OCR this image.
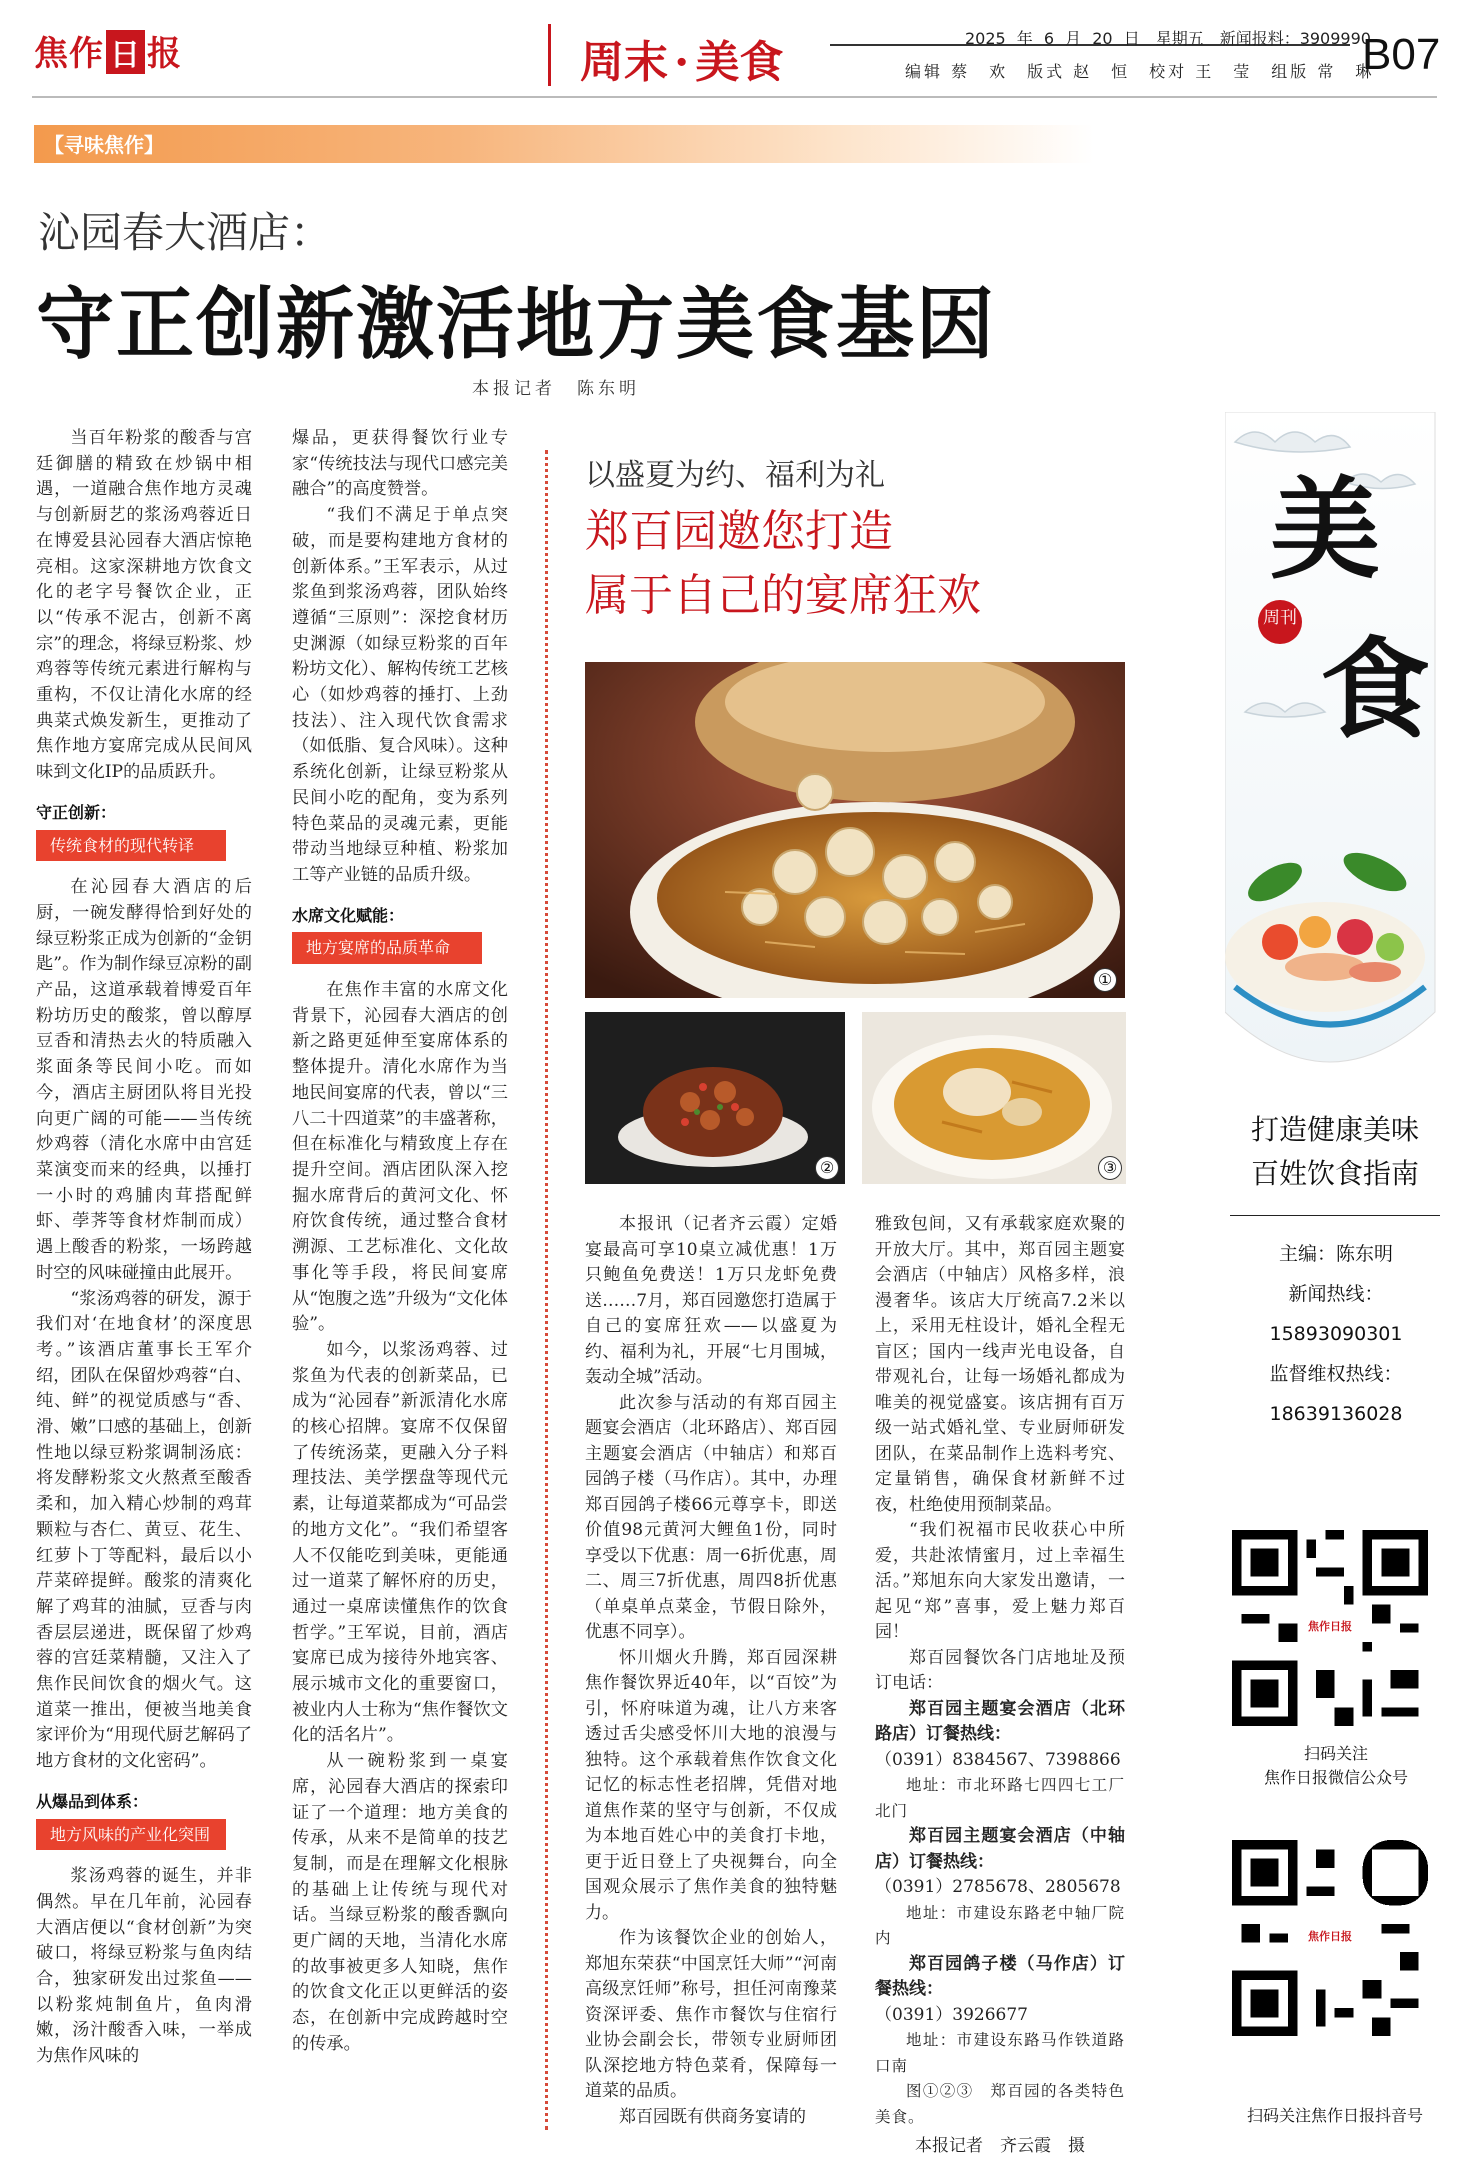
焦作 日 报	周末 · 美食	2025 年 6 月 20 日　星期五　新闻报料：3909990
编辑 蔡　欢　版式 赵　恒　校对 王　莹　组版 常　琳
B07
【寻味焦作】
沁园春大酒店：
守正创新激活地方美食基因
本报记者　陈东明

当百年粉浆的酸香与宫廷御膳的精致在炒锅中相遇，一道融合焦作地方灵魂与创新厨艺的浆汤鸡蓉近日在博爱县沁园春大酒店惊艳亮相。这家深耕地方饮食文化的老字号餐饮企业，正以“传承不泥古，创新不离宗”的理念，将绿豆粉浆、炒鸡蓉等传统元素进行解构与重构，不仅让清化水席的经典菜式焕发新生，更推动了焦作地方宴席完成从民间风味到文化IP的品质跃升。

守正创新：
传统食材的现代转译

在沁园春大酒店的后厨，一碗发酵得恰到好处的绿豆粉浆正成为创新的“金钥匙”。作为制作绿豆凉粉的副产品，这道承载着博爱百年粉坊历史的酸浆，曾以醇厚豆香和清热去火的特质融入浆面条等民间小吃。而如今，酒店主厨团队将目光投向更广阔的可能——当传统炒鸡蓉（清化水席中由宫廷菜演变而来的经典，以捶打一小时的鸡脯肉茸搭配鲜虾、荸荠等食材炸制而成）遇上酸香的粉浆，一场跨越时空的风味碰撞由此展开。

“浆汤鸡蓉的研发，源于我们对‘在地食材’的深度思考。”该酒店董事长王军介绍，团队在保留炒鸡蓉“白、纯、鲜”的视觉质感与“香、滑、嫩”口感的基础上，创新性地以绿豆粉浆调制汤底：将发酵粉浆文火熬煮至酸香柔和，加入精心炒制的鸡茸颗粒与杏仁、黄豆、花生、红萝卜丁等配料，最后以小芹菜碎提鲜。酸浆的清爽化解了鸡茸的油腻，豆香与肉香层层递进，既保留了炒鸡蓉的宫廷菜精髓，又注入了焦作民间饮食的烟火气。这道菜一推出，便被当地美食家评价为“用现代厨艺解码了地方食材的文化密码”。

从爆品到体系：
地方风味的产业化突围

浆汤鸡蓉的诞生，并非偶然。早在几年前，沁园春大酒店便以“食材创新”为突破口，将绿豆粉浆与鱼肉结合，独家研发出过浆鱼——以粉浆炖制鱼片，鱼肉滑嫩，汤汁酸香入味，一举成为焦作风味的

爆品，更获得餐饮行业专家“传统技法与现代口感完美融合”的高度赞誉。

“我们不满足于单点突破，而是要构建地方食材的创新体系。”王军表示，从过浆鱼到浆汤鸡蓉，团队始终遵循“三原则”：深挖食材历史渊源（如绿豆粉浆的百年粉坊文化）、解构传统工艺核心（如炒鸡蓉的捶打、上劲技法）、注入现代饮食需求（如低脂、复合风味）。这种系统化创新，让绿豆粉浆从民间小吃的配角，变为系列特色菜品的灵魂元素，更能带动当地绿豆种植、粉浆加工等产业链的品质升级。

水席文化赋能：
地方宴席的品质革命

在焦作丰富的水席文化背景下，沁园春大酒店的创新之路更延伸至宴席体系的整体提升。清化水席作为当地民间宴席的代表，曾以“三八二十四道菜”的丰盛著称，但在标准化与精致度上存在提升空间。酒店团队深入挖掘水席背后的黄河文化、怀府饮食传统，通过整合食材溯源、工艺标准化、文化故事化等手段，将民间宴席从“饱腹之选”升级为“文化体验”。

如今，以浆汤鸡蓉、过浆鱼为代表的创新菜品，已成为“沁园春”新派清化水席的核心招牌。宴席不仅保留了传统汤菜，更融入分子料理技法、美学摆盘等现代元素，让每道菜都成为“可品尝的地方文化”。“我们希望客人不仅能吃到美味，更能通过一道菜了解怀府的历史，通过一桌席读懂焦作的饮食哲学。”王军说，目前，酒店宴席已成为接待外地宾客、展示城市文化的重要窗口，被业内人士称为“焦作餐饮文化的活名片”。

从一碗粉浆到一桌宴席，沁园春大酒店的探索印证了一个道理：地方美食的传承，从来不是简单的技艺复制，而是在理解文化根脉的基础上让传统与现代对话。当绿豆粉浆的酸香飘向更广阔的天地，当清化水席的故事被更多人知晓，焦作的饮食文化正以更鲜活的姿态，在创新中完成跨越时空的传承。

以盛夏为约、福利为礼
郑百园邀您打造
属于自己的宴席狂欢
①
②	③

本报讯（记者齐云霞）定婚宴最高可享10桌立减优惠！1万只鲍鱼免费送！1万只龙虾免费送……7月，郑百园邀您打造属于自己的宴席狂欢——以盛夏为约、福利为礼，开展“七月围城，轰动全城”活动。

此次参与活动的有郑百园主题宴会酒店（北环路店）、郑百园主题宴会酒店（中轴店）和郑百园鸽子楼（马作店）。其中，办理郑百园鸽子楼66元尊享卡，即送价值98元黄河大鲤鱼1份，同时享受以下优惠：周一6折优惠，周二、周三7折优惠，周四8折优惠（单桌单点菜金，节假日除外，优惠不同享）。

怀川烟火升腾，郑百园深耕焦作餐饮界近40年，以“百饺”为引，怀府味道为魂，让八方来客透过舌尖感受怀川大地的浪漫与独特。这个承载着焦作饮食文化记忆的标志性老招牌，凭借对地道焦作菜的坚守与创新，不仅成为本地百姓心中的美食打卡地，更于近日登上了央视舞台，向全国观众展示了焦作美食的独特魅力。

作为该餐饮企业的创始人，郑旭东荣获“中国烹饪大师”“河南高级烹饪师”称号，担任河南豫菜资深评委、焦作市餐饮与住宿行业协会副会长，带领专业厨师团队深挖地方特色菜肴，保障每一道菜的品质。

郑百园既有供商务宴请的

雅致包间，又有承载家庭欢聚的开放大厅。其中，郑百园主题宴会酒店（中轴店）风格多样，浪漫奢华。该店大厅统高7.2米以上，采用无柱设计，婚礼全程无盲区；国内一线声光电设备，自带观礼台，让每一场婚礼都成为唯美的视觉盛宴。该店拥有百万级一站式婚礼堂、专业厨师研发团队，在菜品制作上选料考究、定量销售，确保食材新鲜不过夜，杜绝使用预制菜品。

“我们祝福市民收获心中所爱，共赴浓情蜜月，过上幸福生活。”郑旭东向大家发出邀请，一起见“郑”喜事，爱上魅力郑百园！

郑百园餐饮各门店地址及预订电话：

郑百园主题宴会酒店（北环路店）订餐热线：

（0391）8384567、7398866
地址：市北环路七四四七工厂北门

郑百园主题宴会酒店（中轴店）订餐热线：

（0391）2785678、2805678
地址：市建设东路老中轴厂院内

郑百园鸽子楼（马作店）订餐热线：

（0391）3926677
地址：市建设东路马作铁道路口南

图①②③　郑百园的各类特色美食。

本报记者　齐云霞　摄
美
食
周刊
打造健康美味
百姓饮食指南
主编：陈东明
新闻热线：
15893090301
监督维权热线：
18639136028
焦作日报
扫码关注
焦作日报微信公众号
♪
焦作日报
扫码关注焦作日报抖音号
